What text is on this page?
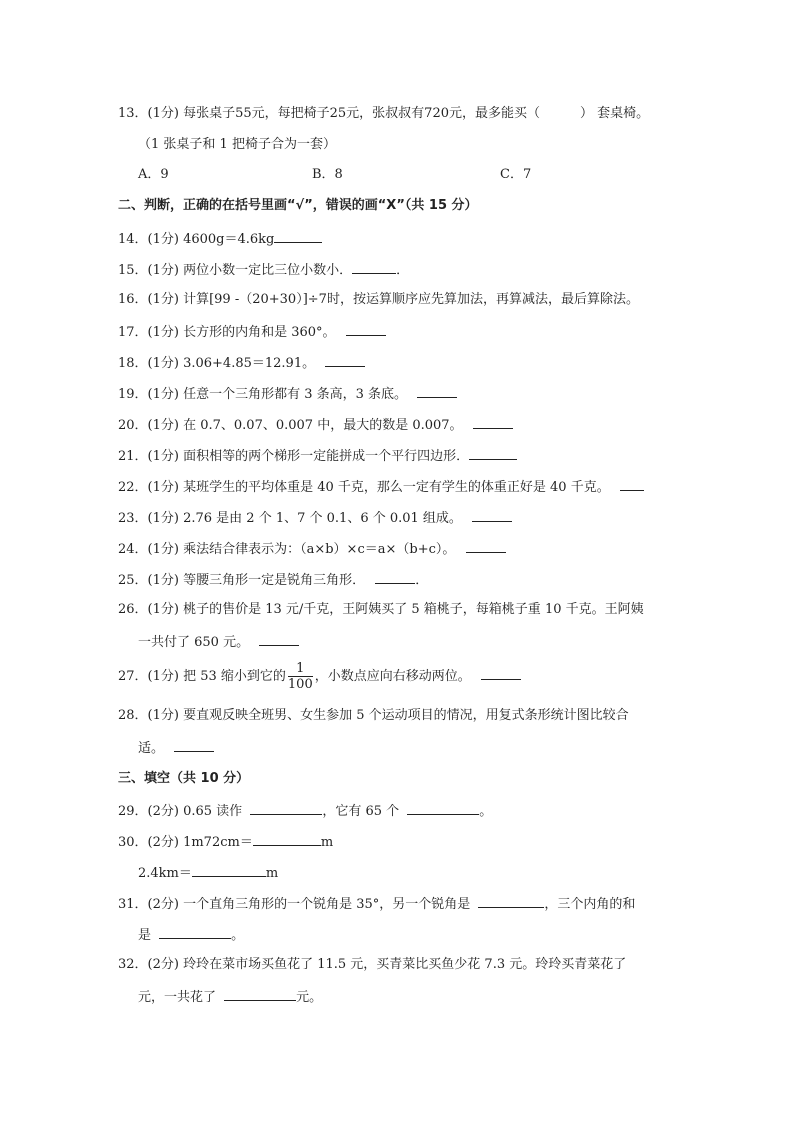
13．(1分) 每张桌子55元，每把椅子25元，张叔叔有720元，最多能买（	） 套桌椅。
（1 张桌子和 1 把椅子合为一套）
A．9	B．8	C．7
二、判断，正确的在括号里画“√”，错误的画“X”（共 15 分）
14．(1分) 4600g＝4.6kg
15．(1分) 两位小数一定比三位小数小．	．
16．(1分) 计算[99 -（20+30）]÷7时，按运算顺序应先算加法，再算减法，最后算除法。
17．(1分) 长方形的内角和是 360°。
18．(1分) 3.06+4.85＝12.91。
19．(1分) 任意一个三角形都有 3 条高，3 条底。
20．(1分) 在 0.7、0.07、0.007 中，最大的数是 0.007。
21．(1分) 面积相等的两个梯形一定能拼成一个平行四边形．
22．(1分) 某班学生的平均体重是 40 千克，那么一定有学生的体重正好是 40 千克。
23．(1分) 2.76 是由 2 个 1、7 个 0.1、6 个 0.01 组成。
24．(1分) 乘法结合律表示为：（a×b）×c＝a×（b+c）。
25．(1分) 等腰三角形一定是锐角三角形．	．
26．(1分) 桃子的售价是 13 元/千克，王阿姨买了 5 箱桃子，每箱桃子重 10 千克。王阿姨
一共付了 650 元。
27．(1分) 把 53 缩小到它的 $\frac{1}{100}$ ，小数点应向右移动两位。
28．(1分) 要直观反映全班男、女生参加 5 个运动项目的情况，用复式条形统计图比较合
适。
三、填空（共 10 分）
29．(2分) 0.65 读作	，它有 65 个	。
30．(2分) 1m72cm＝	m
2.4km＝	m
31．(2分) 一个直角三角形的一个锐角是 35°，另一个锐角是	，三个内角的和
是	。
32．(2分) 玲玲在菜市场买鱼花了 11.5 元，买青菜比买鱼少花 7.3 元。玲玲买青菜花了
元，一共花了	元。
